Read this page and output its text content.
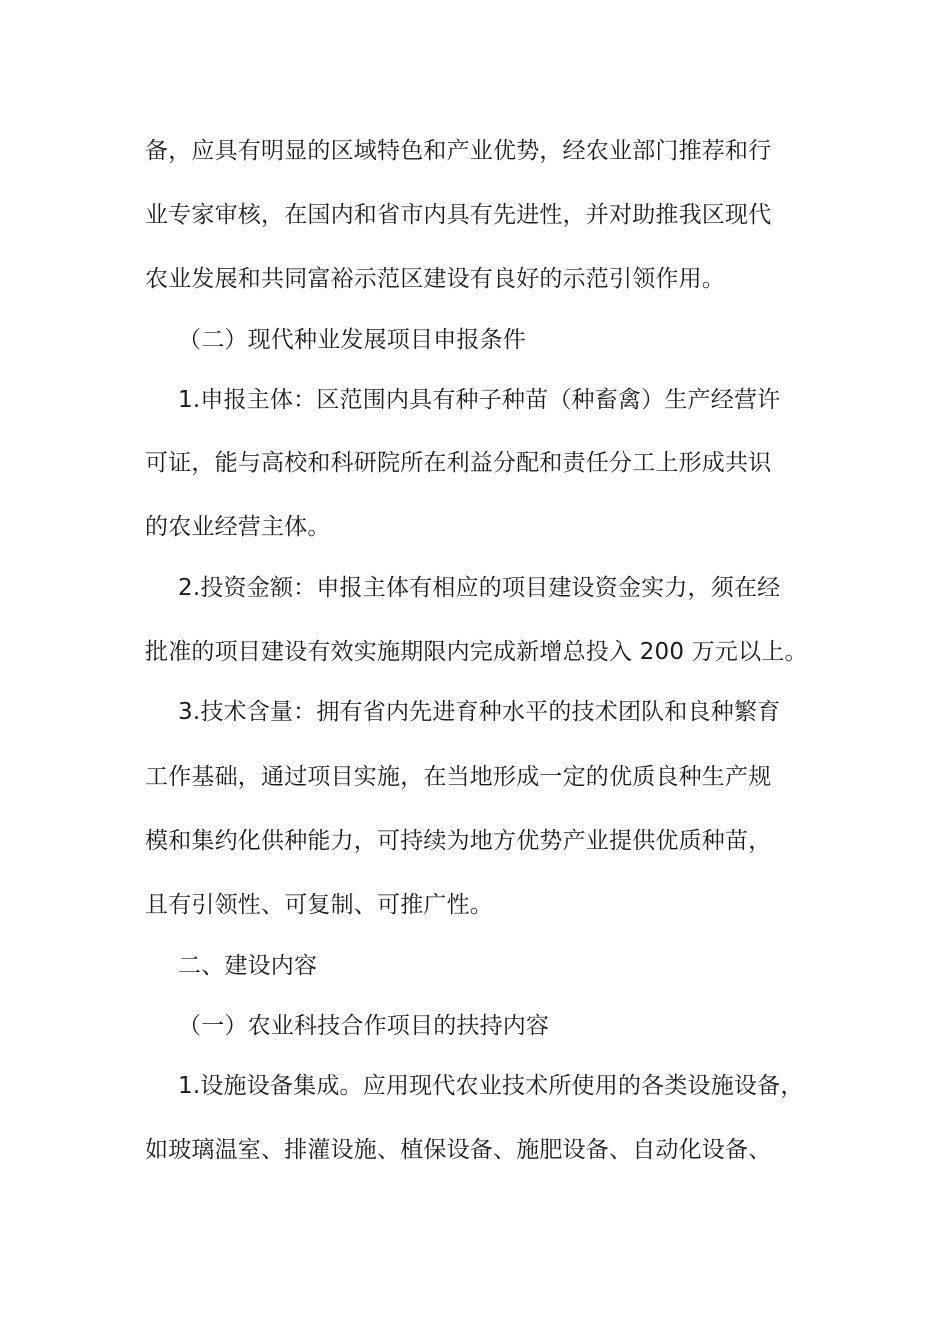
备，应具有明显的区域特色和产业优势，经农业部门推荐和行
业专家审核，在国内和省市内具有先进性，并对助推我区现代
农业发展和共同富裕示范区建设有良好的示范引领作用。
（二）现代种业发展项目申报条件
1.申报主体：区范围内具有种子种苗（种畜禽）生产经营许
可证，能与高校和科研院所在利益分配和责任分工上形成共识
的农业经营主体。
2.投资金额：申报主体有相应的项目建设资金实力，须在经
批准的项目建设有效实施期限内完成新增总投入 200 万元以上。
3.技术含量：拥有省内先进育种水平的技术团队和良种繁育
工作基础，通过项目实施，在当地形成一定的优质良种生产规
模和集约化供种能力，可持续为地方优势产业提供优质种苗，
且有引领性、可复制、可推广性。
二、建设内容
（一）农业科技合作项目的扶持内容
1.设施设备集成。应用现代农业技术所使用的各类设施设备，
如玻璃温室、排灌设施、植保设备、施肥设备、自动化设备、
